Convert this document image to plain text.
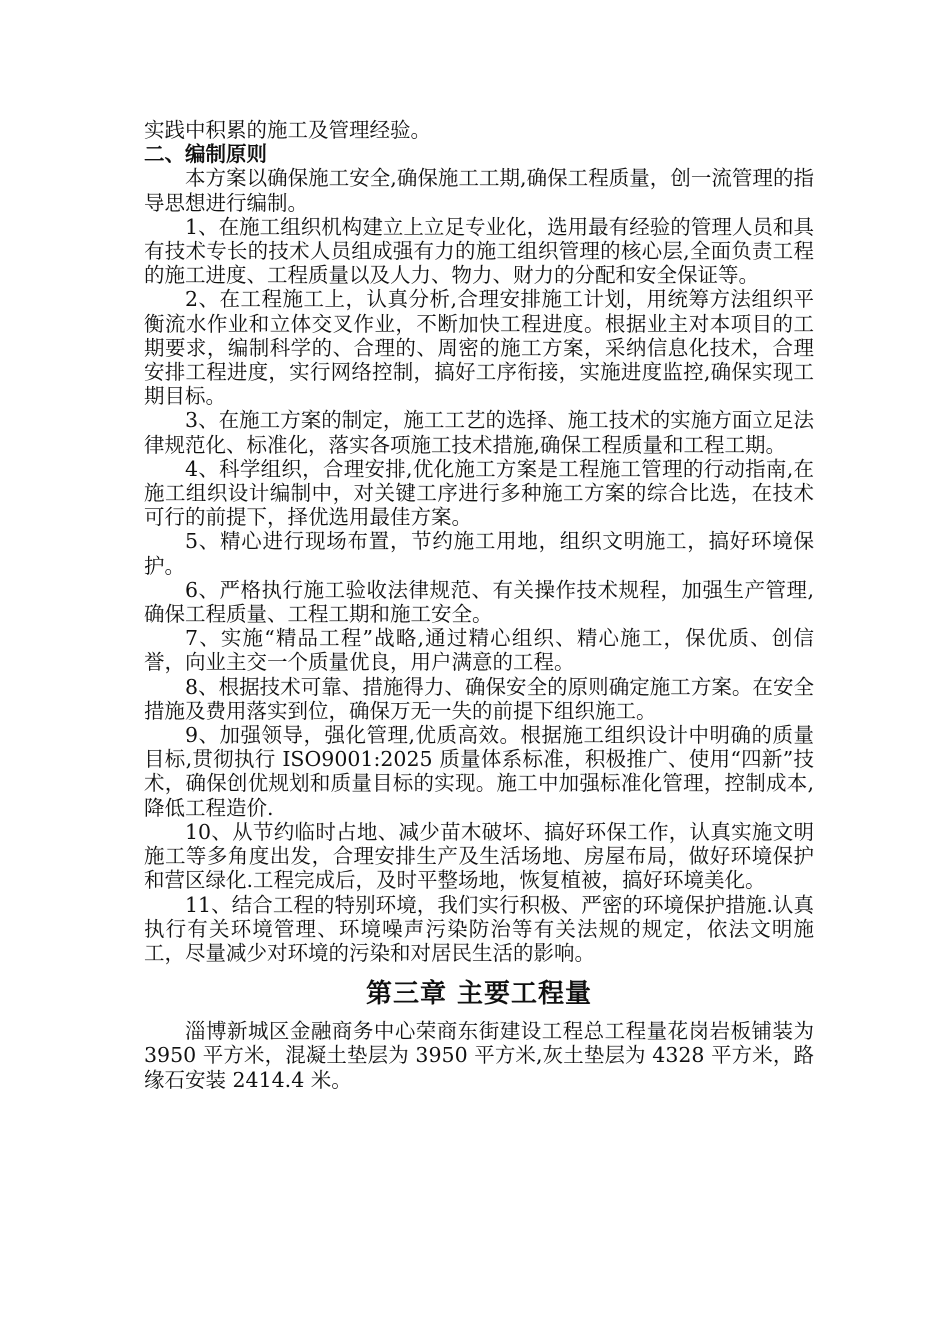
实践中积累的施工及管理经验。

二、编制原则

本方案以确保施工安全,确保施工工期,确保工程质量，创一流管理的指导思想进行编制。

1、在施工组织机构建立上立足专业化，选用最有经验的管理人员和具有技术专长的技术人员组成强有力的施工组织管理的核心层,全面负责工程的施工进度、工程质量以及人力、物力、财力的分配和安全保证等。

2、在工程施工上，认真分析,合理安排施工计划，用统筹方法组织平衡流水作业和立体交叉作业，不断加快工程进度。根据业主对本项目的工期要求，编制科学的、合理的、周密的施工方案，采纳信息化技术，合理安排工程进度，实行网络控制，搞好工序衔接，实施进度监控,确保实现工期目标。

3、在施工方案的制定，施工工艺的选择、施工技术的实施方面立足法律规范化、标准化，落实各项施工技术措施,确保工程质量和工程工期。

4、科学组织，合理安排,优化施工方案是工程施工管理的行动指南,在施工组织设计编制中，对关键工序进行多种施工方案的综合比选，在技术可行的前提下，择优选用最佳方案。

5、精心进行现场布置，节约施工用地，组织文明施工，搞好环境保护。

6、严格执行施工验收法律规范、有关操作技术规程，加强生产管理,确保工程质量、工程工期和施工安全。

7、实施“精品工程”战略,通过精心组织、精心施工，保优质、创信誉，向业主交一个质量优良，用户满意的工程。

8、根据技术可靠、措施得力、确保安全的原则确定施工方案。在安全措施及费用落实到位，确保万无一失的前提下组织施工。

9、加强领导，强化管理,优质高效。根据施工组织设计中明确的质量目标,贯彻执行 ISO9001:2025 质量体系标准，积极推广、使用“四新”技术，确保创优规划和质量目标的实现。施工中加强标准化管理，控制成本,降低工程造价.

10、从节约临时占地、减少苗木破坏、搞好环保工作，认真实施文明施工等多角度出发，合理安排生产及生活场地、房屋布局，做好环境保护和营区绿化.工程完成后，及时平整场地，恢复植被，搞好环境美化。

11、结合工程的特别环境，我们实行积极、严密的环境保护措施.认真执行有关环境管理、环境噪声污染防治等有关法规的规定，依法文明施工，尽量减少对环境的污染和对居民生活的影响。

第三章 主要工程量

淄博新城区金融商务中心荣商东街建设工程总工程量花岗岩板铺装为 3950 平方米，混凝土垫层为 3950 平方米,灰土垫层为 4328 平方米，路缘石安装 2414.4 米。
